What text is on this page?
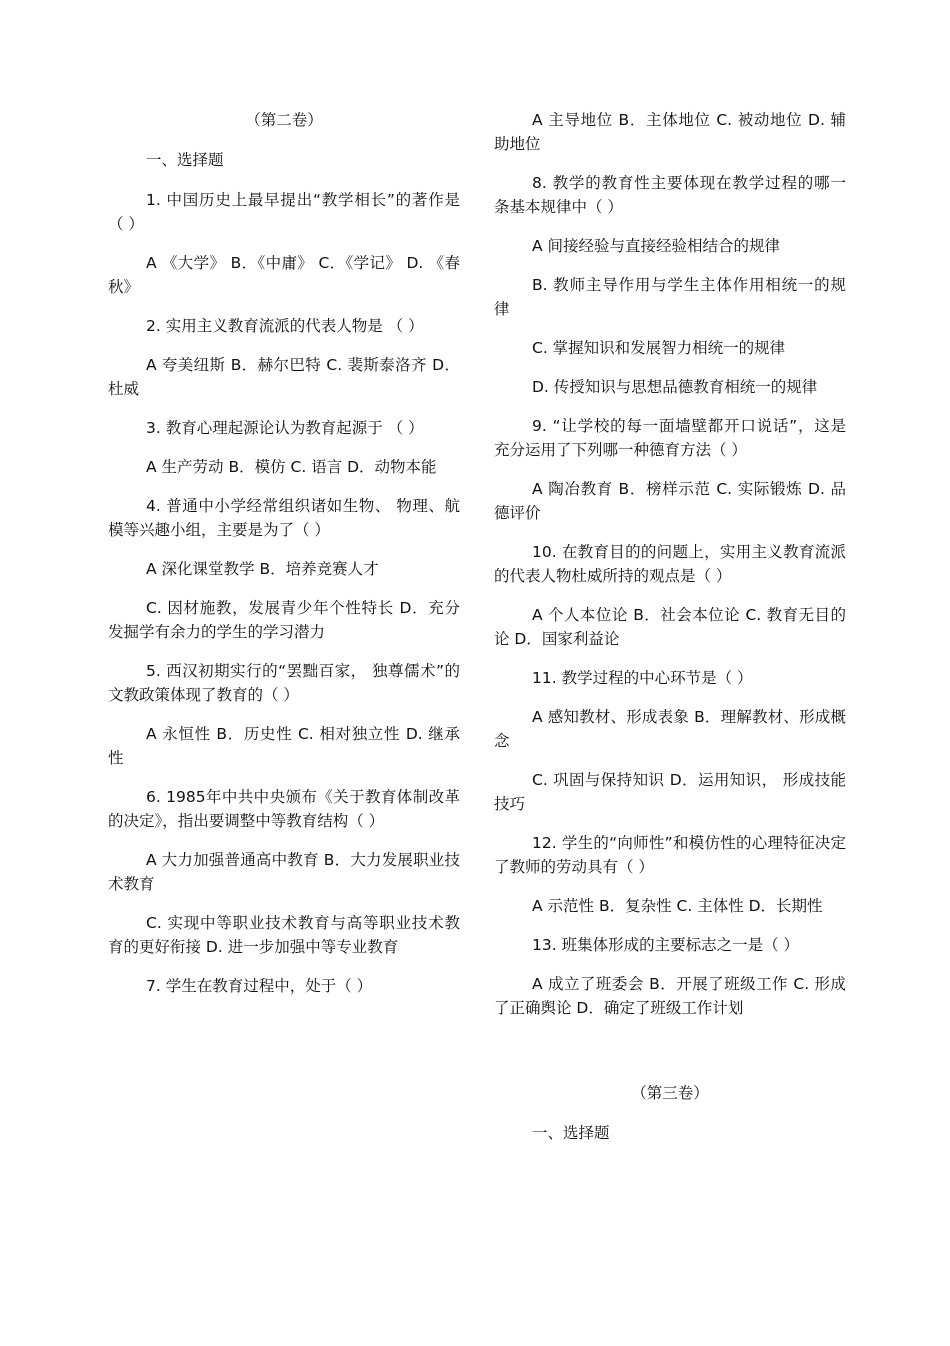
（第二卷）
一、选择题
1. 中国历史上最早提出“教学相长”的著作是（ ）
A 《大学》 B．《中庸》 C．《学记》 D. 《春秋》
2. 实用主义教育流派的代表人物是 （ ）
A 夸美纽斯 B．赫尔巴特 C. 裴斯泰洛齐 D．杜威
3. 教育心理起源论认为教育起源于 （ ）
A 生产劳动 B．模仿 C. 语言 D．动物本能
4. 普通中小学经常组织诸如生物、 物理、航模等兴趣小组，主要是为了（ ）
A 深化课堂教学 B．培养竞赛人才
C. 因材施教，发展青少年个性特长 D．充分发掘学有余力的学生的学习潜力
5. 西汉初期实行的“罢黜百家， 独尊儒术”的文教政策体现了教育的（ ）
A 永恒性 B．历史性 C. 相对独立性 D. 继承性
6. 1985年中共中央颁布《关于教育体制改革的决定》，指出要调整中等教育结构（ ）
A 大力加强普通高中教育 B．大力发展职业技术教育
C. 实现中等职业技术教育与高等职业技术教育的更好衔接 D. 进一步加强中等专业教育
7. 学生在教育过程中，处于（ ）
A 主导地位 B．主体地位 C. 被动地位 D. 辅助地位
8. 教学的教育性主要体现在教学过程的哪一条基本规律中（ ）
A 间接经验与直接经验相结合的规律
B. 教师主导作用与学生主体作用相统一的规律
C. 掌握知识和发展智力相统一的规律
D. 传授知识与思想品德教育相统一的规律
9. “让学校的每一面墙壁都开口说话”，这是充分运用了下列哪一种德育方法（ ）
A 陶冶教育 B．榜样示范 C. 实际锻炼 D. 品德评价
10. 在教育目的的问题上，实用主义教育流派的代表人物杜威所持的观点是（ ）
A 个人本位论 B．社会本位论 C. 教育无目的论 D．国家利益论
11. 教学过程的中心环节是（ ）
A 感知教材、形成表象 B．理解教材、形成概念
C. 巩固与保持知识 D．运用知识， 形成技能技巧
12. 学生的“向师性”和模仿性的心理特征决定了教师的劳动具有（ ）
A 示范性 B．复杂性 C. 主体性 D．长期性
13. 班集体形成的主要标志之一是（ ）
A 成立了班委会 B．开展了班级工作 C. 形成了正确舆论 D．确定了班级工作计划
（第三卷）
一、选择题
